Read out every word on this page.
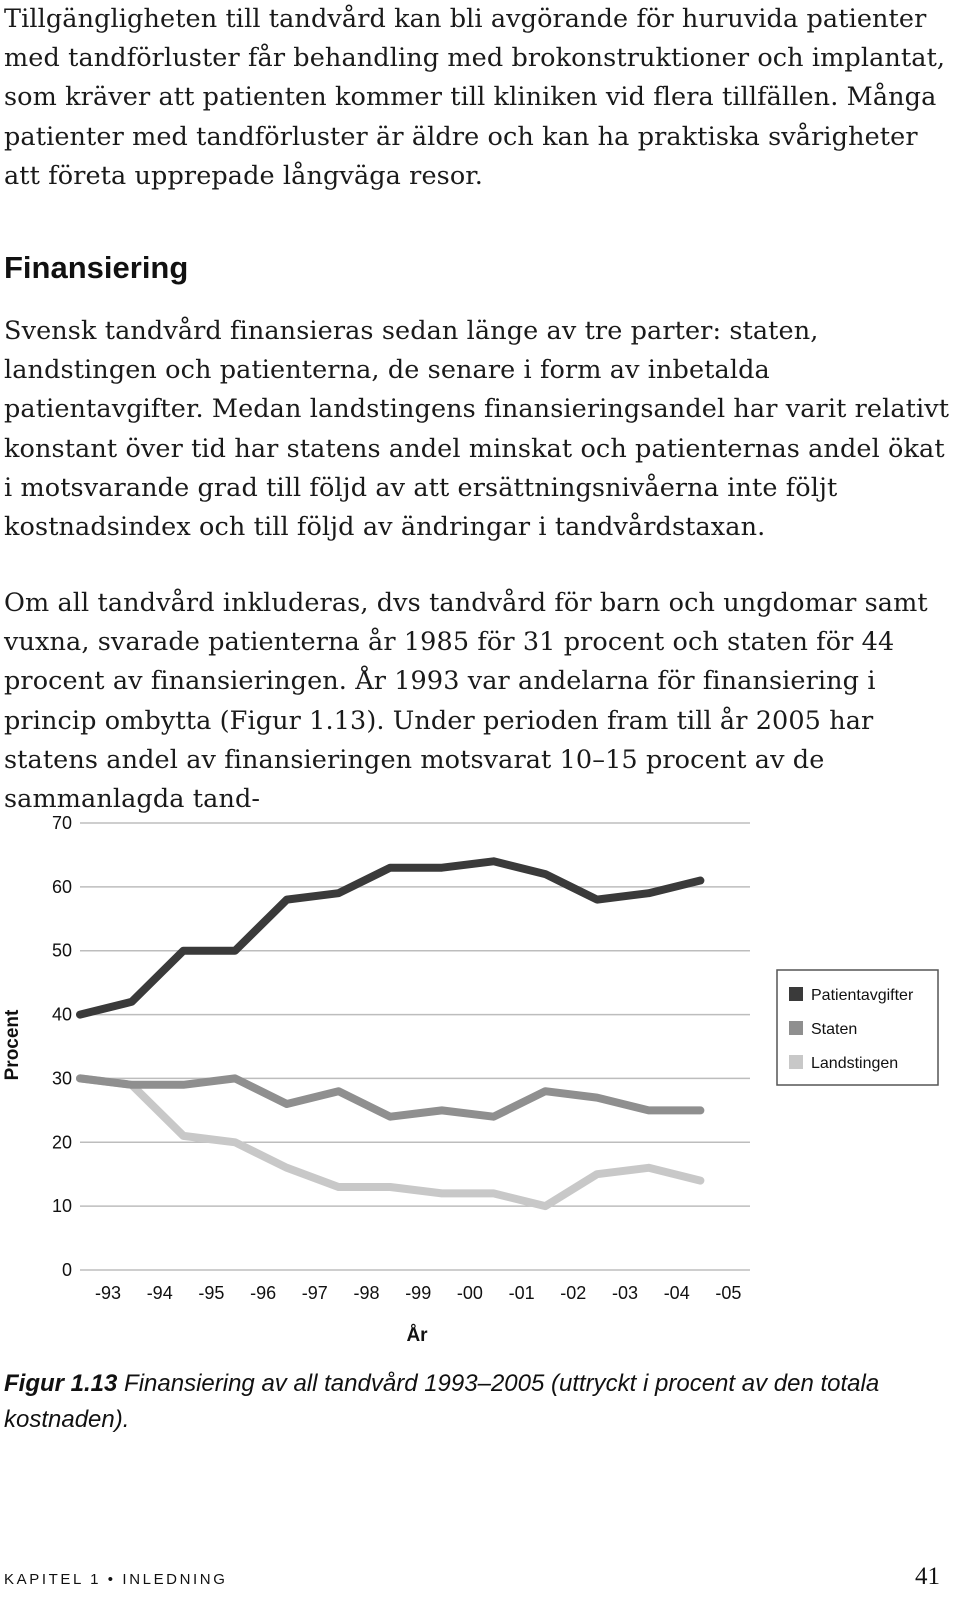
Tillgängligheten till tandvård kan bli avgörande för huruvida patienter med tandförluster får behandling med brokonstruktioner och implantat, som kräver att patienten kommer till kliniken vid flera tillfällen. Många patienter med tandförluster är äldre och kan ha praktiska svårigheter att företa upprepade långväga resor.

Finansiering

Svensk tandvård finansieras sedan länge av tre parter: staten, landstingen och patienterna, de senare i form av inbetalda patientavgifter. Medan landstingens finansieringsandel har varit relativt konstant över tid har statens andel minskat och patienternas andel ökat i motsvarande grad till följd av att ersättningsnivåerna inte följt kostnadsindex och till följd av ändringar i tandvårdstaxan.

Om all tandvård inkluderas, dvs tandvård för barn och ungdomar samt vuxna, svarade patienterna år 1985 för 31 procent och staten för 44 procent av finansieringen. År 1993 var andelarna för finansiering i princip ombytta (Figur 1.13). Under perioden fram till år 2005 har statens andel av finansieringen motsvarat 10–15 procent av de sammanlagda tand-

0
10
20
30
40
50
60
70
-93 -94 -95 -96 -97 -98 -99 -00 -01 -02 -03 -04 -05
Procent
År
Patientavgifter
Staten
Landstingen

Figur 1.13 Finansiering av all tandvård 1993–2005 (uttryckt i procent av den totala kostnaden).

KAPITEL 1 • INLEDNING	41
